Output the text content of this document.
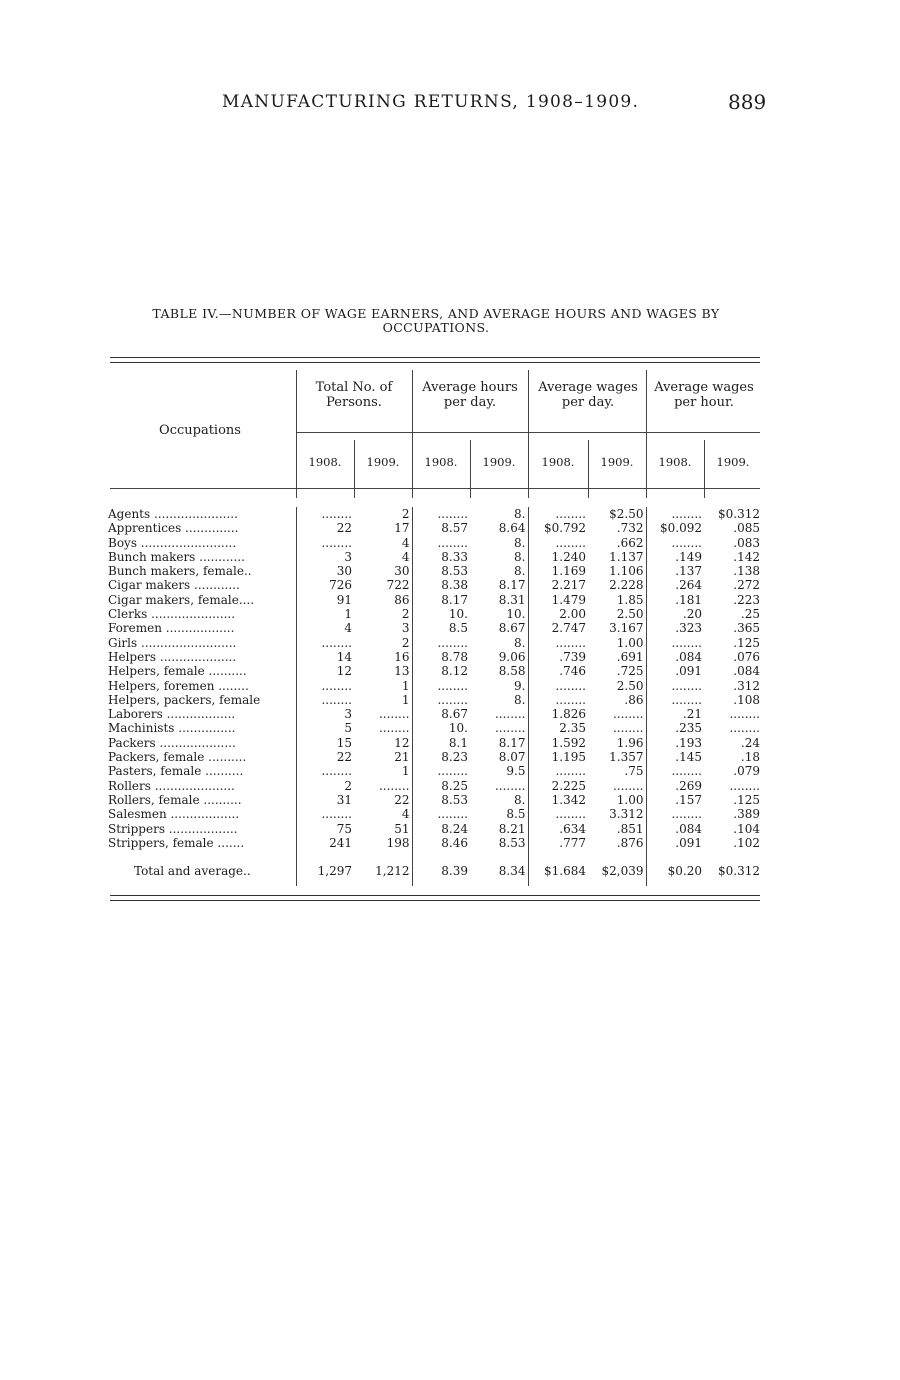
MANUFACTURING RETURNS, 1908–1909.	889
TABLE IV.—NUMBER OF WAGE EARNERS, AND AVERAGE HOURS AND WAGES BY OCCUPATIONS.
Total No. of Persons.
Average hours per day.
Average wages per day.
Average wages per hour.
Occupations
1908.	1909.	1908.	1909.	1908.	1909.	1908.	1909.
Agents ......................	........	2	........	8.	........	$2.50	........	$0.312
Apprentices ..............	22	17	8.57	8.64	$0.792	.732	$0.092	.085
Boys .........................	........	4	........	8.	........	.662	........	.083
Bunch makers ............	3	4	8.33	8.	1.240	1.137	.149	.142
Bunch makers, female..	30	30	8.53	8.	1.169	1.106	.137	.138
Cigar makers ............	726	722	8.38	8.17	2.217	2.228	.264	.272
Cigar makers, female....	91	86	8.17	8.31	1.479	1.85	.181	.223
Clerks ......................	1	2	10.	10.	2.00	2.50	.20	.25
Foremen ..................	4	3	8.5	8.67	2.747	3.167	.323	.365
Girls .........................	........	2	........	8.	........	1.00	........	.125
Helpers ....................	14	16	8.78	9.06	.739	.691	.084	.076
Helpers, female ..........	12	13	8.12	8.58	.746	.725	.091	.084
Helpers, foremen ........	........	1	........	9.	........	2.50	........	.312
Helpers, packers, female	........	1	........	8.	........	.86	........	.108
Laborers ..................	3	........	8.67	........	1.826	........	.21	........
Machinists ...............	5	........	10.	........	2.35	........	.235	........
Packers ....................	15	12	8.1	8.17	1.592	1.96	.193	.24
Packers, female ..........	22	21	8.23	8.07	1.195	1.357	.145	.18
Pasters, female ..........	........	1	........	9.5	........	.75	........	.079
Rollers .....................	2	........	8.25	........	2.225	........	.269	........
Rollers, female ..........	31	22	8.53	8.	1.342	1.00	.157	.125
Salesmen ..................	........	4	........	8.5	........	3.312	........	.389
Strippers ..................	75	51	8.24	8.21	.634	.851	.084	.104
Strippers, female .......	241	198	8.46	8.53	.777	.876	.091	.102
Total and average..	1,297	1,212	8.39	8.34	$1.684	$2,039	$0.20	$0.312
